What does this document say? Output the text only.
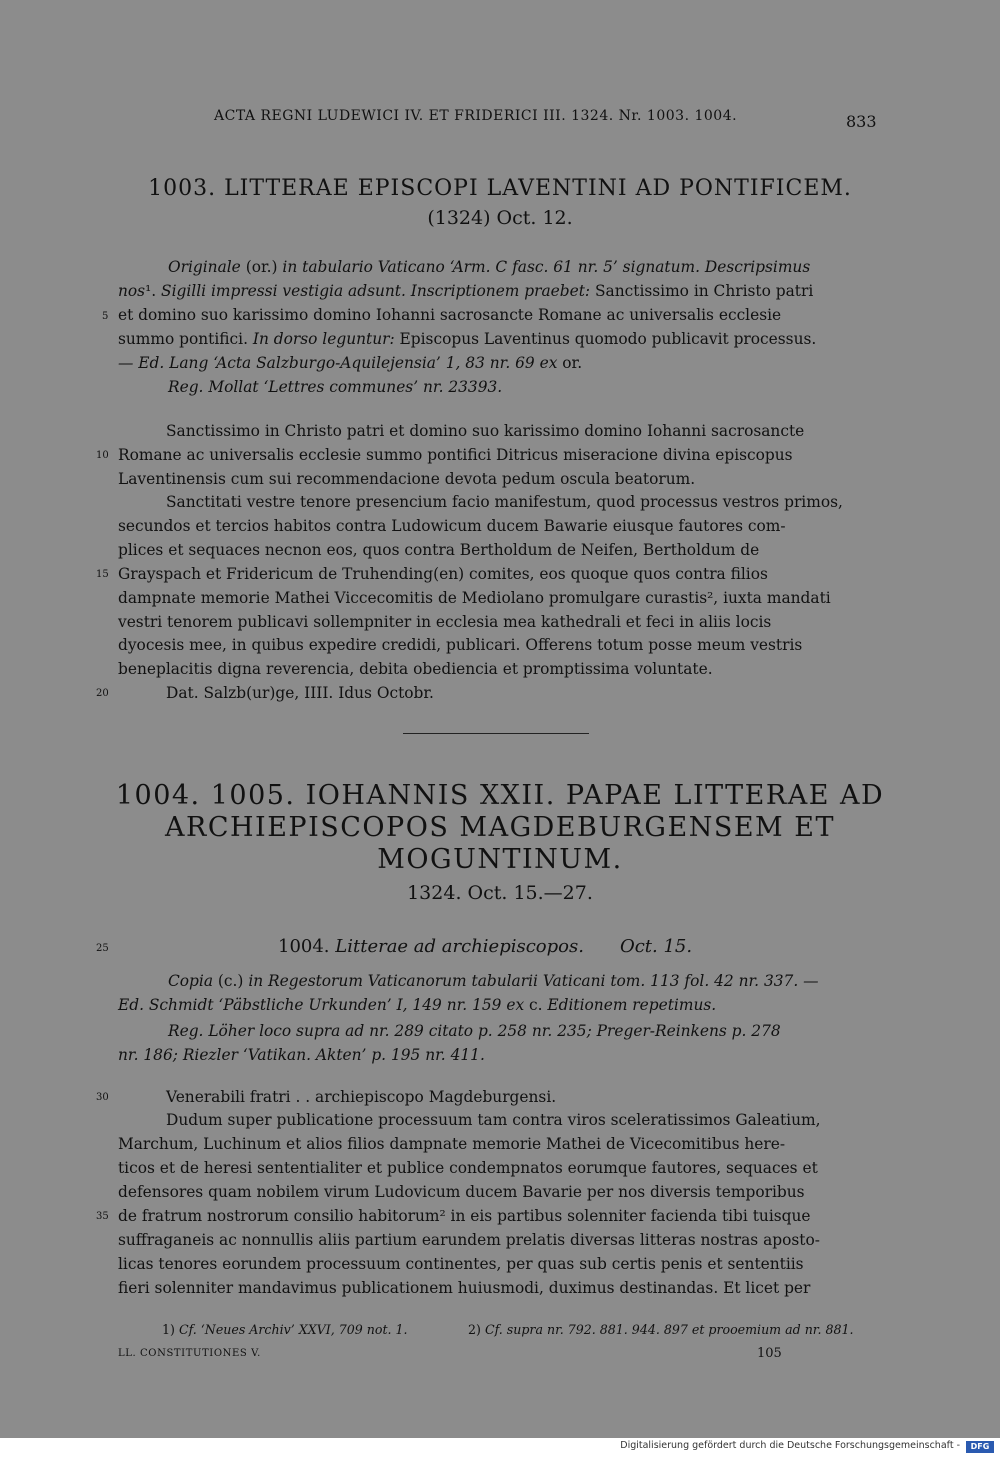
ACTA REGNI LUDEWICI IV. ET FRIDERICI III. 1324. Nr. 1003. 1004.	833
1003. LITTERAE EPISCOPI LAVENTINI AD PONTIFICEM.
(1324) Oct. 12.
Originale (or.) in tabulario Vaticano ‘Arm. C fasc. 61 nr. 5’ signatum. Descripsimus
nos¹. Sigilli impressi vestigia adsunt. Inscriptionem praebet: Sanctissimo in Christo patri
et domino suo karissimo domino Iohanni sacrosancte Romane ac universalis ecclesie
summo pontifici. In dorso leguntur: Episcopus Laventinus quomodo publicavit processus.
— Ed. Lang ‘Acta Salzburgo-Aquilejensia’ 1, 83 nr. 69 ex or.
Reg. Mollat ‘Lettres communes’ nr. 23393.
Sanctissimo in Christo patri et domino suo karissimo domino Iohanni sacrosancte
Romane ac universalis ecclesie summo pontifici Ditricus miseracione divina episcopus
Laventinensis cum sui recommendacione devota pedum oscula beatorum.
Sanctitati vestre tenore presencium facio manifestum, quod processus vestros primos,
secundos et tercios habitos contra Ludowicum ducem Bawarie eiusque fautores com-
plices et sequaces necnon eos, quos contra Bertholdum de Neifen, Bertholdum de
Grayspach et Fridericum de Truhending(en) comites, eos quoque quos contra filios
dampnate memorie Mathei Viccecomitis de Mediolano promulgare curastis², iuxta mandati
vestri tenorem publicavi sollempniter in ecclesia mea kathedrali et feci in aliis locis
dyocesis mee, in quibus expedire credidi, publicari. Offerens totum posse meum vestris
beneplacitis digna reverencia, debita obediencia et promptissima voluntate.
Dat. Salzb(ur)ge, IIII. Idus Octobr.
1004. 1005. IOHANNIS XXII. PAPAE LITTERAE AD
ARCHIEPISCOPOS MAGDEBURGENSEM ET
MOGUNTINUM.
1324. Oct. 15.—27.
1004. Litterae ad archiepiscopos. Oct. 15.
Copia (c.) in Regestorum Vaticanorum tabularii Vaticani tom. 113 fol. 42 nr. 337. —
Ed. Schmidt ‘Päbstliche Urkunden’ I, 149 nr. 159 ex c. Editionem repetimus.
Reg. Löher loco supra ad nr. 289 citato p. 258 nr. 235; Preger-Reinkens p. 278
nr. 186; Riezler ‘Vatikan. Akten’ p. 195 nr. 411.
Venerabili fratri . . archiepiscopo Magdeburgensi.
Dudum super publicatione processuum tam contra viros sceleratissimos Galeatium,
Marchum, Luchinum et alios filios dampnate memorie Mathei de Vicecomitibus here-
ticos et de heresi sententialiter et publice condempnatos eorumque fautores, sequaces et
defensores quam nobilem virum Ludovicum ducem Bavarie per nos diversis temporibus
de fratrum nostrorum consilio habitorum² in eis partibus solenniter facienda tibi tuisque
suffraganeis ac nonnullis aliis partium earundem prelatis diversas litteras nostras aposto-
licas tenores eorundem processuum continentes, per quas sub certis penis et sententiis
fieri solenniter mandavimus publicationem huiusmodi, duximus destinandas. Et licet per
5
10
15
20
25
30
35
1) Cf. ‘Neues Archiv’ XXVI, 709 not. 1.	2) Cf. supra nr. 792. 881. 944. 897 et prooemium ad nr. 881.
LL. CONSTITUTIONES V.	105
Digitalisierung gefördert durch die Deutsche Forschungsgemeinschaft -	DFG
